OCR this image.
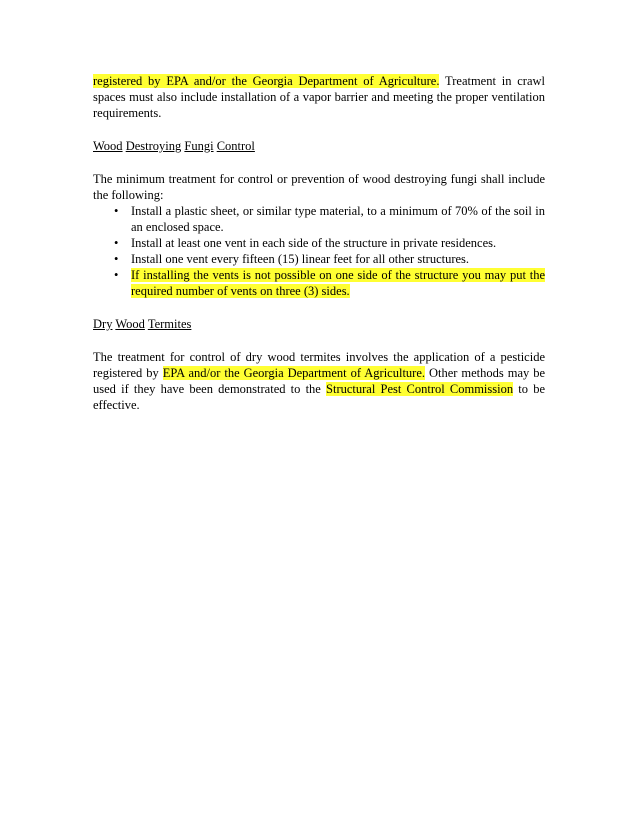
registered by EPA and/or the Georgia Department of Agriculture. Treatment in crawl spaces must also include installation of a vapor barrier and meeting the proper ventilation requirements.

Wood Destroying Fungi Control

The minimum treatment for control or prevention of wood destroying fungi shall include the following:

• Install a plastic sheet, or similar type material, to a minimum of 70% of the soil in an enclosed space.
• Install at least one vent in each side of the structure in private residences.
• Install one vent every fifteen (15) linear feet for all other structures.
• If installing the vents is not possible on one side of the structure you may put the required number of vents on three (3) sides.

Dry Wood Termites

The treatment for control of dry wood termites involves the application of a pesticide registered by EPA and/or the Georgia Department of Agriculture. Other methods may be used if they have been demonstrated to the Structural Pest Control Commission to be effective.
